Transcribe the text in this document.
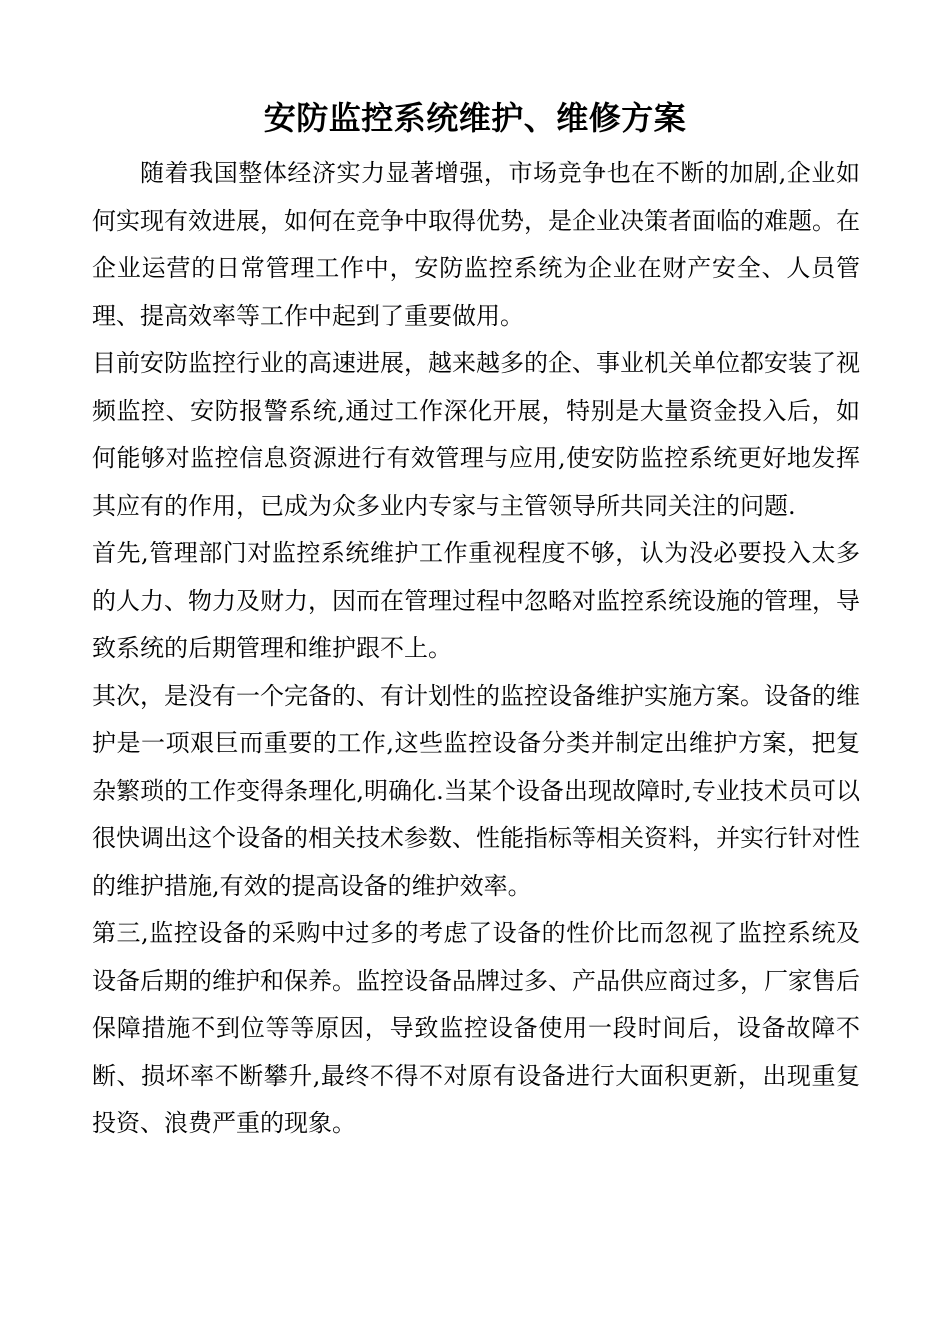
安防监控系统维护、维修方案

随着我国整体经济实力显著增强，市场竞争也在不断的加剧,企业如何实现有效进展，如何在竞争中取得优势，是企业决策者面临的难题。在企业运营的日常管理工作中，安防监控系统为企业在财产安全、人员管理、提高效率等工作中起到了重要做用。

目前安防监控行业的高速进展，越来越多的企、事业机关单位都安装了视频监控、安防报警系统,通过工作深化开展，特别是大量资金投入后，如何能够对监控信息资源进行有效管理与应用,使安防监控系统更好地发挥其应有的作用，已成为众多业内专家与主管领导所共同关注的问题.

首先,管理部门对监控系统维护工作重视程度不够，认为没必要投入太多的人力、物力及财力，因而在管理过程中忽略对监控系统设施的管理，导致系统的后期管理和维护跟不上。

其次，是没有一个完备的、有计划性的监控设备维护实施方案。设备的维护是一项艰巨而重要的工作,这些监控设备分类并制定出维护方案，把复杂繁琐的工作变得条理化,明确化.当某个设备出现故障时,专业技术员可以很快调出这个设备的相关技术参数、性能指标等相关资料，并实行针对性的维护措施,有效的提高设备的维护效率。

第三,监控设备的采购中过多的考虑了设备的性价比而忽视了监控系统及设备后期的维护和保养。监控设备品牌过多、产品供应商过多，厂家售后保障措施不到位等等原因，导致监控设备使用一段时间后，设备故障不断、损坏率不断攀升,最终不得不对原有设备进行大面积更新，出现重复投资、浪费严重的现象。
